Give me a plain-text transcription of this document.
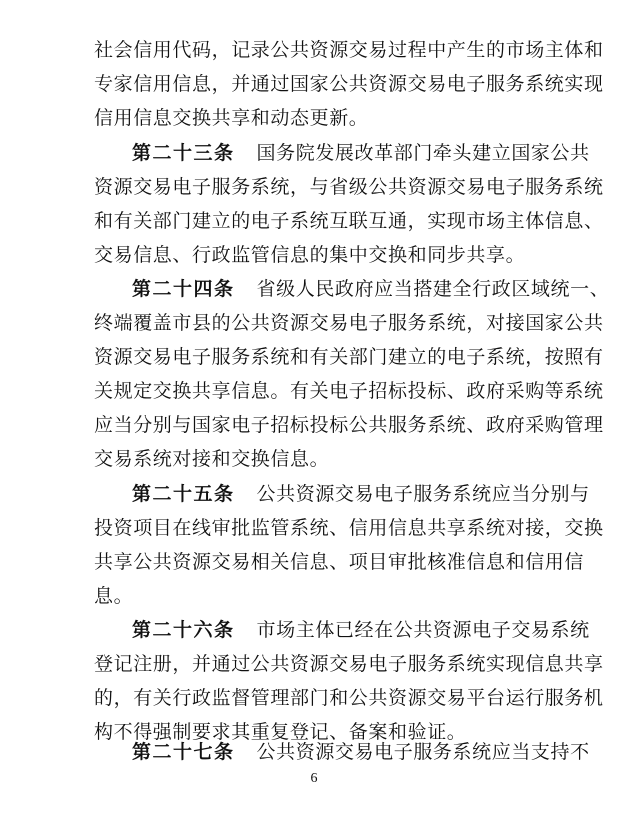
社会信用代码，记录公共资源交易过程中产生的市场主体和
专家信用信息，并通过国家公共资源交易电子服务系统实现
信用信息交换共享和动态更新。
第二十三条 国务院发展改革部门牵头建立国家公共
资源交易电子服务系统，与省级公共资源交易电子服务系统
和有关部门建立的电子系统互联互通，实现市场主体信息、
交易信息、行政监管信息的集中交换和同步共享。
第二十四条 省级人民政府应当搭建全行政区域统一、
终端覆盖市县的公共资源交易电子服务系统，对接国家公共
资源交易电子服务系统和有关部门建立的电子系统，按照有
关规定交换共享信息。有关电子招标投标、政府采购等系统
应当分别与国家电子招标投标公共服务系统、政府采购管理
交易系统对接和交换信息。
第二十五条 公共资源交易电子服务系统应当分别与
投资项目在线审批监管系统、信用信息共享系统对接，交换
共享公共资源交易相关信息、项目审批核准信息和信用信
息。
第二十六条 市场主体已经在公共资源电子交易系统
登记注册，并通过公共资源交易电子服务系统实现信息共享
的，有关行政监督管理部门和公共资源交易平台运行服务机
构不得强制要求其重复登记、备案和验证。
第二十七条 公共资源交易电子服务系统应当支持不
6
